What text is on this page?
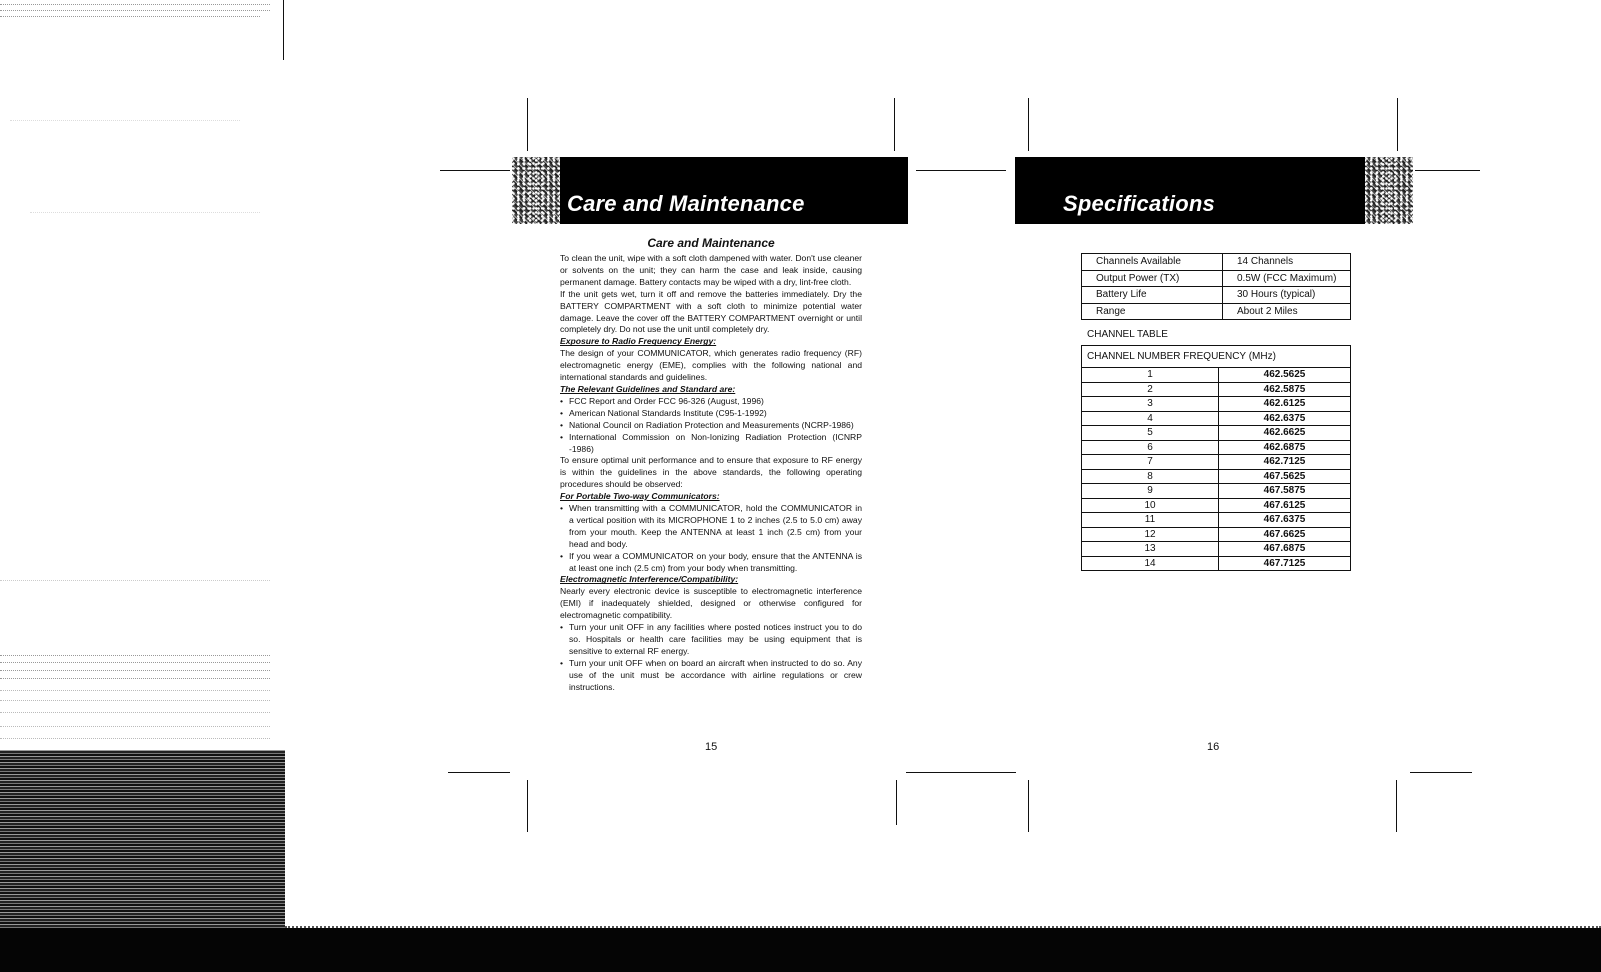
Care and Maintenance
Care and Maintenance

To clean the unit, wipe with a soft cloth dampened with water. Don't use cleaner or solvents on the unit; they can harm the case and leak inside, causing permanent damage. Battery contacts may be wiped with a dry, lint-free cloth.

If the unit gets wet, turn it off and remove the batteries immediately. Dry the BATTERY COMPARTMENT with a soft cloth to minimize potential water damage. Leave the cover off the BATTERY COMPARTMENT overnight or until completely dry. Do not use the unit until completely dry.

Exposure to Radio Frequency Energy:

The design of your COMMUNICATOR, which generates radio frequency (RF) electromagnetic energy (EME), complies with the following national and international standards and guidelines.

The Relevant Guidelines and Standard are:

• FCC Report and Order FCC 96-326 (August, 1996)
• American National Standards Institute (C95-1-1992)
• National Council on Radiation Protection and Measurements (NCRP-1986)
• International Commission on Non-Ionizing Radiation Protection (ICNRP -1986)

To ensure optimal unit performance and to ensure that exposure to RF energy is within the guidelines in the above standards, the following operating procedures should be observed:

For Portable Two-way Communicators:

• When transmitting with a COMMUNICATOR, hold the COMMUNICATOR in a vertical position with its MICROPHONE 1 to 2 inches (2.5 to 5.0 cm) away from your mouth. Keep the ANTENNA at least 1 inch (2.5 cm) from your head and body.
• If you wear a COMMUNICATOR on your body, ensure that the ANTENNA is at least one inch (2.5 cm) from your body when transmitting.

Electromagnetic Interference/Compatibility:

Nearly every electronic device is susceptible to electromagnetic interference (EMI) if inadequately shielded, designed or otherwise configured for electromagnetic compatibility.

• Turn your unit OFF in any facilities where posted notices instruct you to do so. Hospitals or health care facilities may be using equipment that is sensitive to external RF energy.
• Turn your unit OFF when on board an aircraft when instructed to do so. Any use of the unit must be accordance with airline regulations or crew instructions.
15
Specifications
Channels Available	14 Channels
Output Power (TX)	0.5W (FCC Maximum)
Battery Life	30 Hours (typical)
Range	About 2 Miles
CHANNEL TABLE
CHANNEL NUMBER FREQUENCY (MHz)	
1	462.5625
2	462.5875
3	462.6125
4	462.6375
5	462.6625
6	462.6875
7	462.7125
8	467.5625
9	467.5875
10	467.6125
11	467.6375
12	467.6625
13	467.6875
14	467.7125
16
